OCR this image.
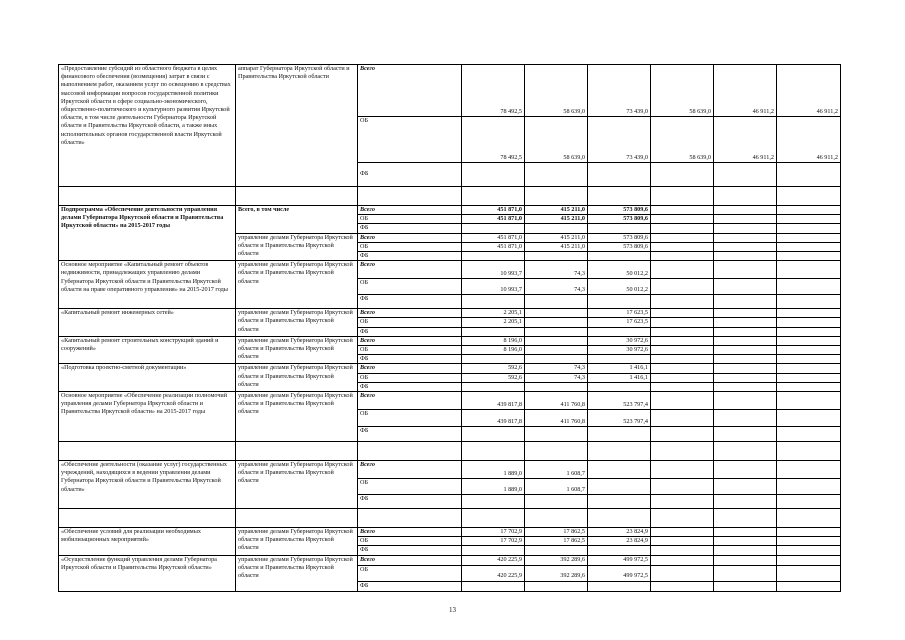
«Предоставление субсидий из областного бюджета в целях финансового обеспечения (возмещения) затрат в связи с выполнением работ, оказанием услуг по освещению в средствах массовой информации вопросов государственной политики Иркутской области в сфере социально-экономического, общественно-политического и культурного развития Иркутской области, в том числе деятельности Губернатора Иркутской области и Правительства Иркутской области, а также иных исполнительных органов государственной власти Иркутской области»	аппарат Губернатора Иркутской области и Правительства Иркутской области	Всего	78 492,5	58 639,0	73 439,0	58 639,0	46 911,2	46 911,2
		ОБ	78 492,5	58 639,0	73 439,0	58 639,0	46 911,2	46 911,2
		ФБ						

Подпрограмма «Обеспечение деятельности управления делами Губернатора Иркутской области и Правительства Иркутской области» на 2015-2017 годы	Всего, в том числе	Всего	451 871,0	415 211,0	573 809,6			
		ОБ	451 871,0	415 211,0	573 809,6			
		ФБ						
	управление делами Губернатора Иркутской области и Правительства Иркутской области	Всего	451 871,0	415 211,0	573 809,6			
		ОБ	451 871,0	415 211,0	573 809,6			
		ФБ						
Основное мероприятие «Капитальный ремонт объектов недвижимости, принадлежащих управлению делами Губернатора Иркутской области и Правительства Иркутской области на праве оперативного управления» на 2015-2017 годы	управление делами Губернатора Иркутской области и Правительства Иркутской области	Всего	10 993,7	74,3	50 012,2			
		ОБ	10 993,7	74,3	50 012,2			
		ФБ						
«Капитальный ремонт инженерных сетей»	управление делами Губернатора Иркутской области и Правительства Иркутской области	Всего	2 205,1		17 623,5			
		ОБ	2 205,1		17 623,5			
		ФБ						
«Капитальный ремонт строительных конструкций зданий и сооружений»	управление делами Губернатора Иркутской области и Правительства Иркутской области	Всего	8 196,0		30 972,6			
		ОБ	8 196,0		30 972,6			
		ФБ						
«Подготовка проектно-сметной документации»	управление делами Губернатора Иркутской области и Правительства Иркутской области	Всего	592,6	74,3	1 416,1			
		ОБ	592,6	74,3	1 416,1			
		ФБ						
Основное мероприятие «Обеспечение реализации полномочий управления делами Губернатора Иркутской области и Правительства Иркутской области» на 2015-2017 годы	управление делами Губернатора Иркутской области и Правительства Иркутской области	Всего	439 817,8	411 760,8	523 797,4			
		ОБ	439 817,8	411 760,8	523 797,4			
		ФБ						

«Обеспечение деятельности (оказание услуг) государственных учреждений, находящихся в ведении управления делами Губернатора Иркутской области и Правительства Иркутской области»	управление делами Губернатора Иркутской области и Правительства Иркутской области	Всего	1 889,0	1 608,7				
		ОБ	1 889,0	1 608,7				
		ФБ						

«Обеспечение условий для реализации необходимых мобилизационных мероприятий»	управление делами Губернатора Иркутской области и Правительства Иркутской области	Всего	17 702,9	17 862,5	23 824,9			
		ОБ	17 702,9	17 862,5	23 824,9			
		ФБ						
«Осуществление функций управления делами Губернатора Иркутской области и Правительства Иркутской области»	управление делами Губернатора Иркутской области и Правительства Иркутской области	Всего	420 225,9	392 289,6	499 972,5			
		ОБ	420 225,9	392 289,6	499 972,5			
		ФБ						
13
